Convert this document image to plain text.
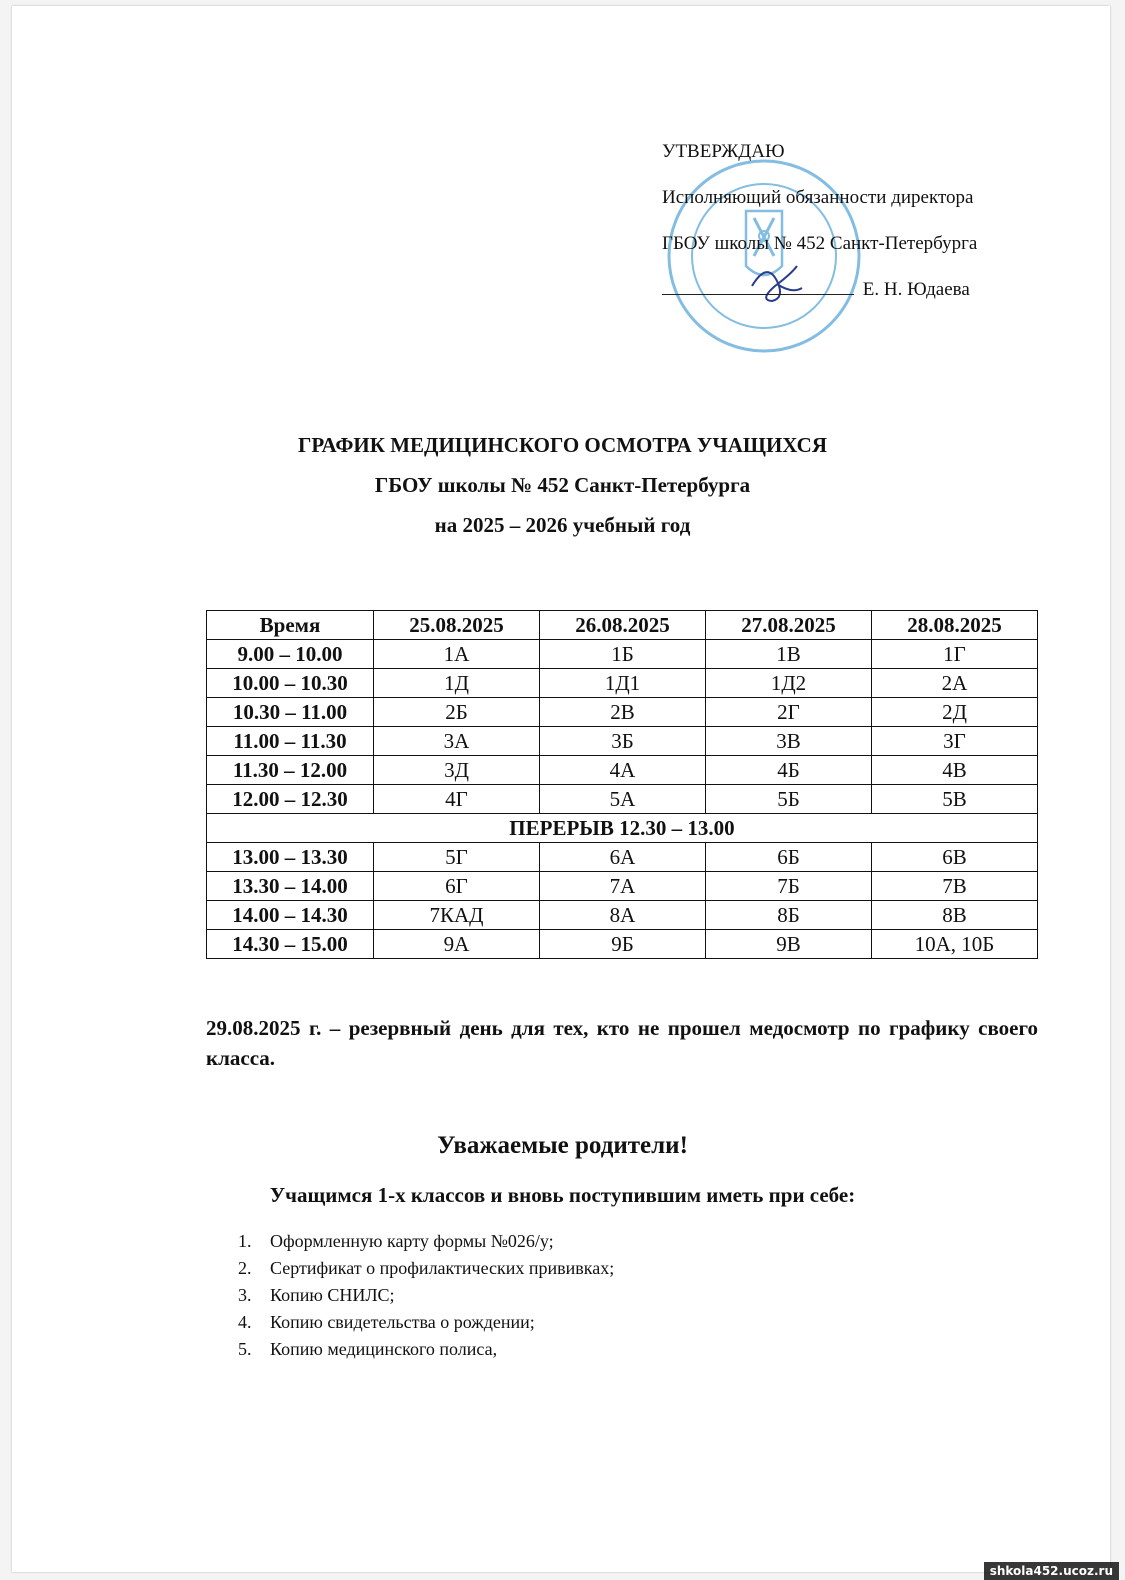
УТВЕРЖДАЮ
Исполняющий обязанности директора
ГБОУ школы № 452 Санкт-Петербурга
Е. Н. Юдаева
ГРАФИК МЕДИЦИНСКОГО ОСМОТРА УЧАЩИХСЯ
ГБОУ школы № 452 Санкт-Петербурга
на 2025 – 2026 учебный год
Время	25.08.2025	26.08.2025	27.08.2025	28.08.2025
9.00 – 10.00	1А	1Б	1В	1Г
10.00 – 10.30	1Д	1Д1	1Д2	2А
10.30 – 11.00	2Б	2В	2Г	2Д
11.00 – 11.30	3А	3Б	3В	3Г
11.30 – 12.00	3Д	4А	4Б	4В
12.00 – 12.30	4Г	5А	5Б	5В
ПЕРЕРЫВ 12.30 – 13.00				
13.00 – 13.30	5Г	6А	6Б	6В
13.30 – 14.00	6Г	7А	7Б	7В
14.00 – 14.30	7КАД	8А	8Б	8В
14.30 – 15.00	9А	9Б	9В	10А, 10Б
29.08.2025 г. – резервный день для тех, кто не прошел медосмотр по графику своего класса.
Уважаемые родители!
Учащимся 1-х классов и вновь поступившим иметь при себе:
1. Оформленную карту формы №026/у;
2. Сертификат о профилактических прививках;
3. Копию СНИЛС;
4. Копию свидетельства о рождении;
5. Копию медицинского полиса,
shkola452.ucoz.ru
